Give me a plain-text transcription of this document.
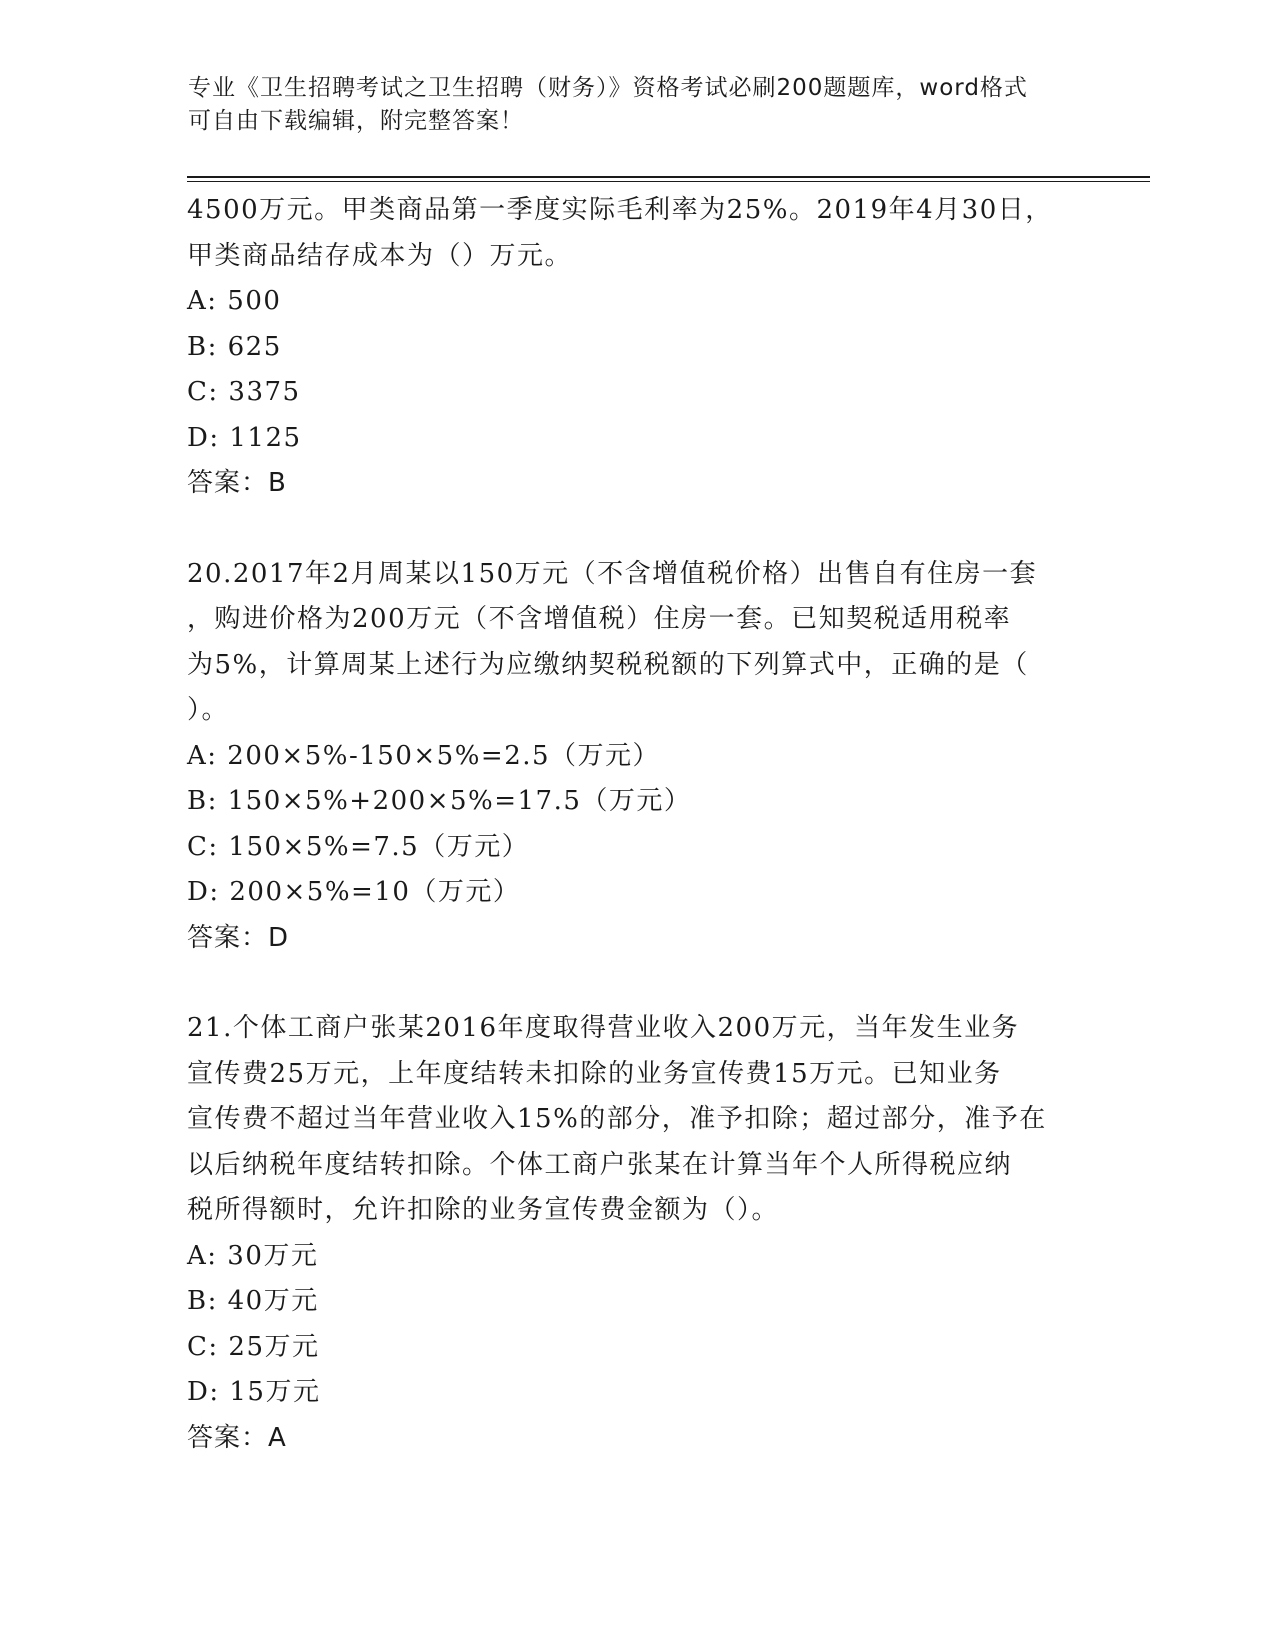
专业《卫生招聘考试之卫生招聘（财务）》资格考试必刷200题题库，word格式
可自由下载编辑，附完整答案！
4500万元。甲类商品第一季度实际毛利率为25%。2019年4月30日，
甲类商品结存成本为（）万元。
A: 500
B: 625
C: 3375
D: 1125
答案：B
20.2017年2月周某以150万元（不含增值税价格）出售自有住房一套
，购进价格为200万元（不含增值税）住房一套。已知契税适用税率
为5%，计算周某上述行为应缴纳契税税额的下列算式中，正确的是（
）。
A: 200×5%-150×5%=2.5（万元）
B: 150×5%+200×5%=17.5（万元）
C: 150×5%=7.5（万元）
D: 200×5%=10（万元）
答案：D
21.个体工商户张某2016年度取得营业收入200万元，当年发生业务
宣传费25万元，上年度结转未扣除的业务宣传费15万元。已知业务
宣传费不超过当年营业收入15%的部分，准予扣除；超过部分，准予在
以后纳税年度结转扣除。个体工商户张某在计算当年个人所得税应纳
税所得额时，允许扣除的业务宣传费金额为（）。
A: 30万元
B: 40万元
C: 25万元
D: 15万元
答案：A
